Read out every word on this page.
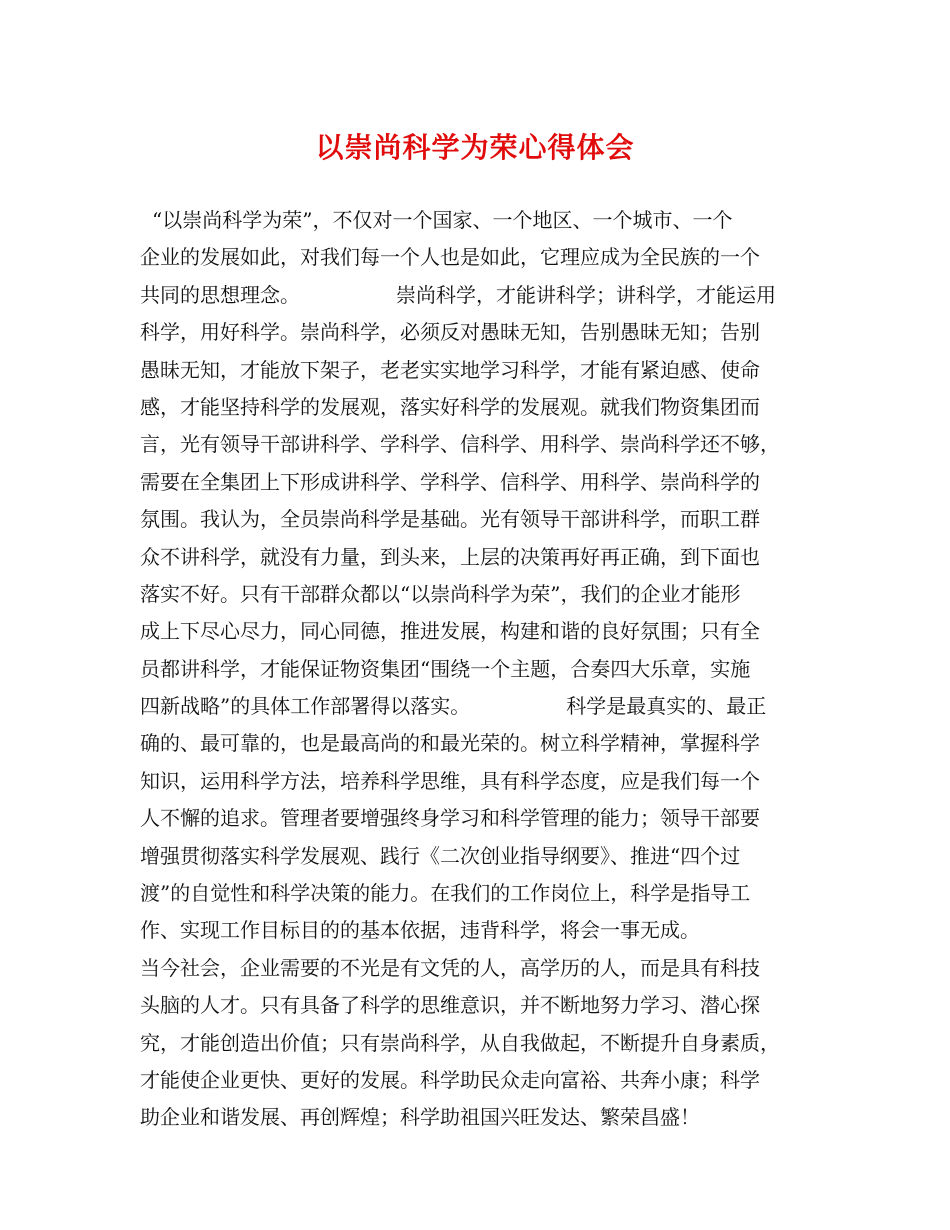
以崇尚科学为荣心得体会
“以崇尚科学为荣”，不仅对一个国家、一个地区、一个城市、一个
企业的发展如此，对我们每一个人也是如此，它理应成为全民族的一个
共同的思想理念。	崇尚科学，才能讲科学；讲科学，才能运用
科学，用好科学。崇尚科学，必须反对愚昧无知，告别愚昧无知；告别
愚昧无知，才能放下架子，老老实实地学习科学，才能有紧迫感、使命
感，才能坚持科学的发展观，落实好科学的发展观。就我们物资集团而
言，光有领导干部讲科学、学科学、信科学、用科学、崇尚科学还不够，
需要在全集团上下形成讲科学、学科学、信科学、用科学、崇尚科学的
氛围。我认为，全员崇尚科学是基础。光有领导干部讲科学，而职工群
众不讲科学，就没有力量，到头来，上层的决策再好再正确，到下面也
落实不好。只有干部群众都以“以崇尚科学为荣”，我们的企业才能形
成上下尽心尽力，同心同德，推进发展，构建和谐的良好氛围；只有全
员都讲科学，才能保证物资集团“围绕一个主题，合奏四大乐章，实施
四新战略”的具体工作部署得以落实。	科学是最真实的、最正
确的、最可靠的，也是最高尚的和最光荣的。树立科学精神，掌握科学
知识，运用科学方法，培养科学思维，具有科学态度，应是我们每一个
人不懈的追求。管理者要增强终身学习和科学管理的能力；领导干部要
增强贯彻落实科学发展观、践行《二次创业指导纲要》、推进“四个过
渡”的自觉性和科学决策的能力。在我们的工作岗位上，科学是指导工
作、实现工作目标目的的基本依据，违背科学，将会一事无成。
当今社会，企业需要的不光是有文凭的人，高学历的人，而是具有科技
头脑的人才。只有具备了科学的思维意识，并不断地努力学习、潜心探
究，才能创造出价值；只有崇尚科学，从自我做起，不断提升自身素质，
才能使企业更快、更好的发展。科学助民众走向富裕、共奔小康；科学
助企业和谐发展、再创辉煌；科学助祖国兴旺发达、繁荣昌盛！
